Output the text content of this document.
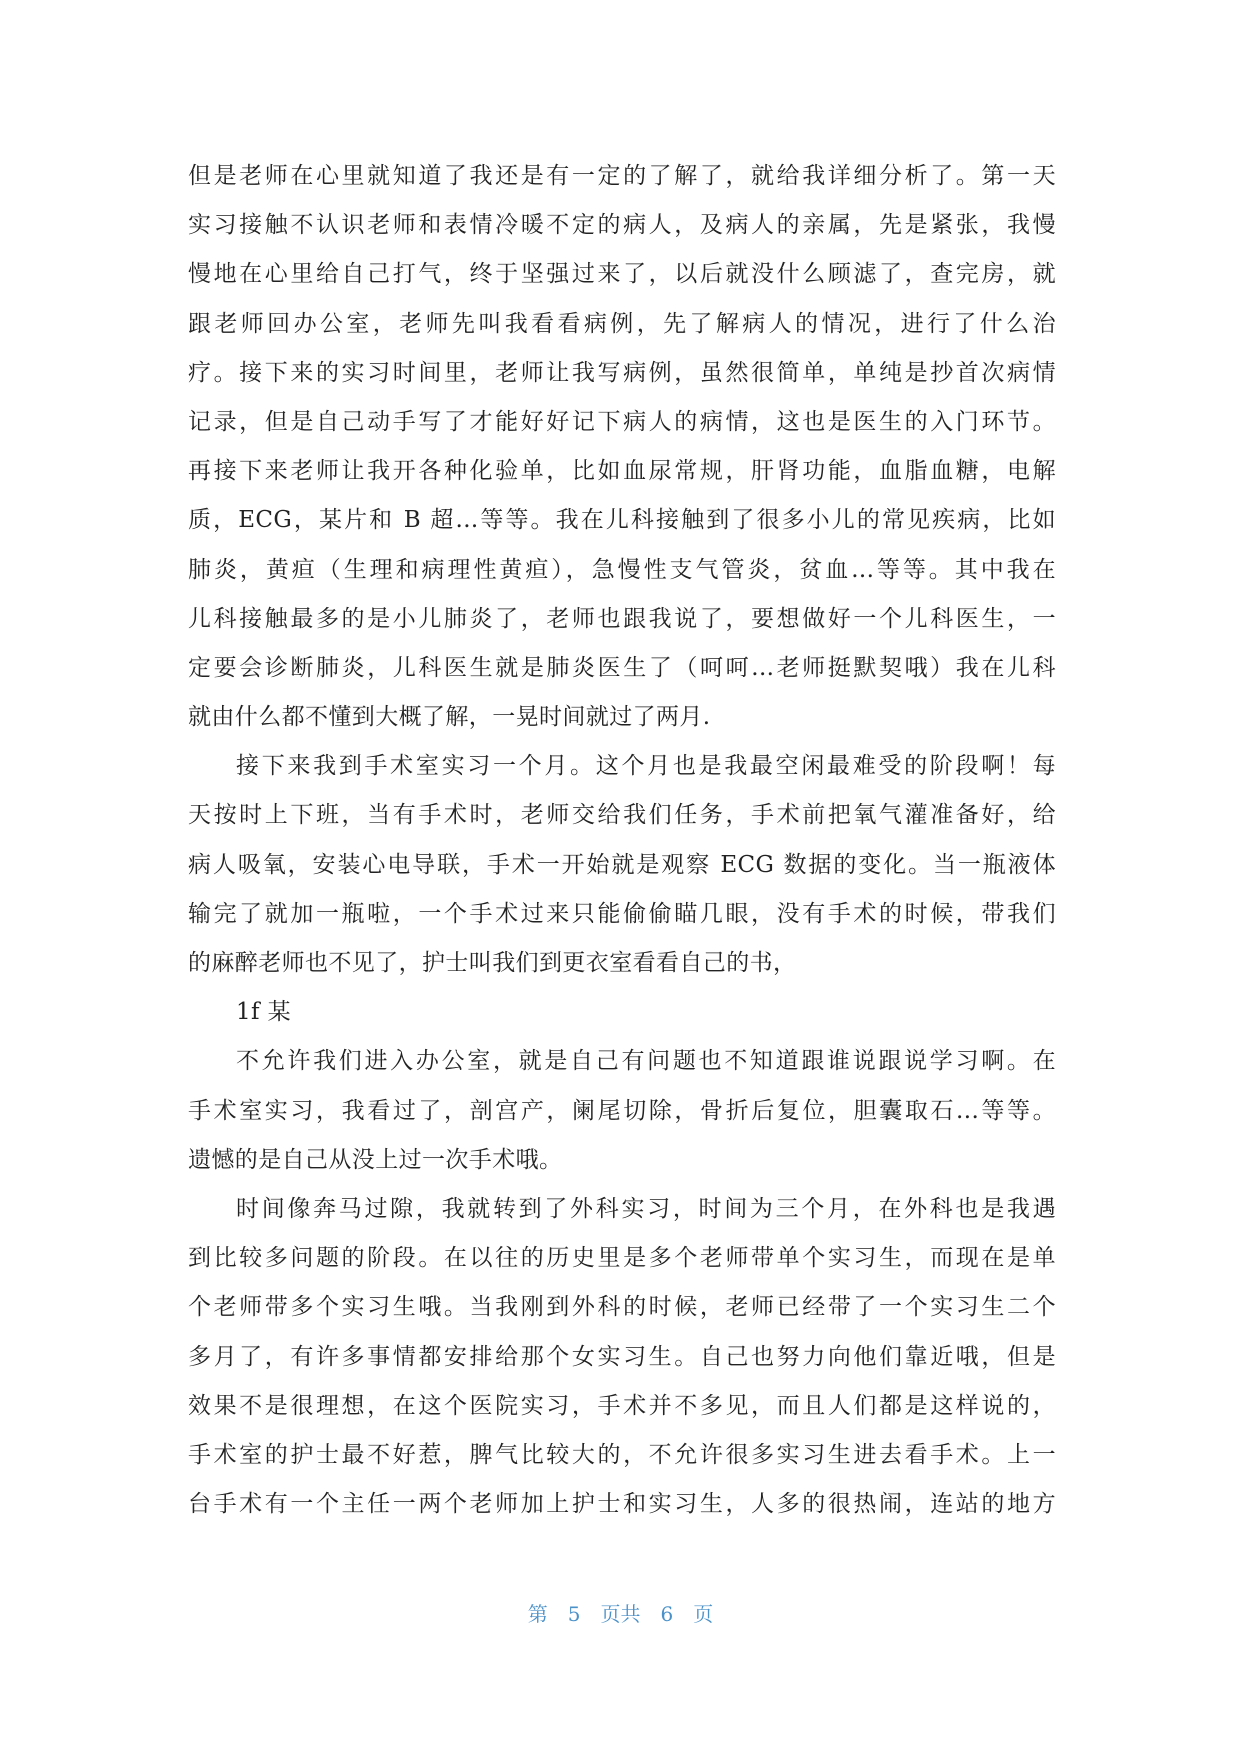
但是老师在心里就知道了我还是有一定的了解了，就给我详细分析了。第一天
实习接触不认识老师和表情冷暖不定的病人，及病人的亲属，先是紧张，我慢
慢地在心里给自己打气，终于坚强过来了，以后就没什么顾滤了，查完房，就
跟老师回办公室，老师先叫我看看病例，先了解病人的情况，进行了什么治
疗。接下来的实习时间里，老师让我写病例，虽然很简单，单纯是抄首次病情
记录，但是自己动手写了才能好好记下病人的病情，这也是医生的入门环节。
再接下来老师让我开各种化验单，比如血尿常规，肝肾功能，血脂血糖，电解
质，ECG，某片和 B 超...等等。我在儿科接触到了很多小儿的常见疾病，比如
肺炎，黄疸（生理和病理性黄疸），急慢性支气管炎，贫血...等等。其中我在
儿科接触最多的是小儿肺炎了，老师也跟我说了，要想做好一个儿科医生，一
定要会诊断肺炎，儿科医生就是肺炎医生了（呵呵...老师挺默契哦）我在儿科
就由什么都不懂到大概了解，一晃时间就过了两月.
接下来我到手术室实习一个月。这个月也是我最空闲最难受的阶段啊！每
天按时上下班，当有手术时，老师交给我们任务，手术前把氧气灌准备好，给
病人吸氧，安装心电导联，手术一开始就是观察 ECG 数据的变化。当一瓶液体
输完了就加一瓶啦，一个手术过来只能偷偷瞄几眼，没有手术的时候，带我们
的麻醉老师也不见了，护士叫我们到更衣室看看自己的书，
1f 某
不允许我们进入办公室，就是自己有问题也不知道跟谁说跟说学习啊。在
手术室实习，我看过了，剖宫产，阑尾切除，骨折后复位，胆囊取石...等等。
遗憾的是自己从没上过一次手术哦。
时间像奔马过隙，我就转到了外科实习，时间为三个月，在外科也是我遇
到比较多问题的阶段。在以往的历史里是多个老师带单个实习生，而现在是单
个老师带多个实习生哦。当我刚到外科的时候，老师已经带了一个实习生二个
多月了，有许多事情都安排给那个女实习生。自己也努力向他们靠近哦，但是
效果不是很理想，在这个医院实习，手术并不多见，而且人们都是这样说的，
手术室的护士最不好惹，脾气比较大的，不允许很多实习生进去看手术。上一
台手术有一个主任一两个老师加上护士和实习生，人多的很热闹，连站的地方
第 5 页共 6 页
